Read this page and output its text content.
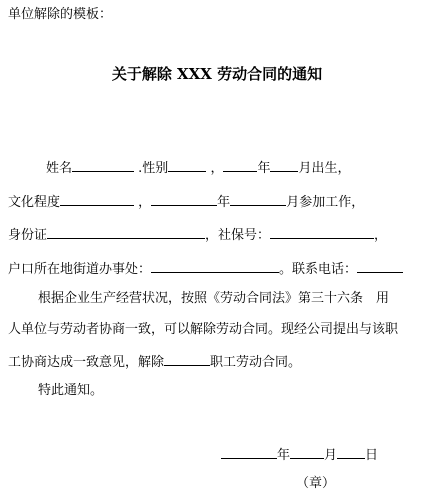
单位解除的模板：
关于解除 XXX 劳动合同的通知
姓名	.性别	，	年 月出生，
文化程度	，	年	月参加工作，
身份证	，社保号：	，
户口所在地街道办事处：	。联系电话：
根据企业生产经营状况，按照《劳动合同法》第三十六条　用
人单位与劳动者协商一致，可以解除劳动合同。现经公司提出与该职
工协商达成一致意见，解除	职工劳动合同。
特此通知。
年	月 日
（章）
